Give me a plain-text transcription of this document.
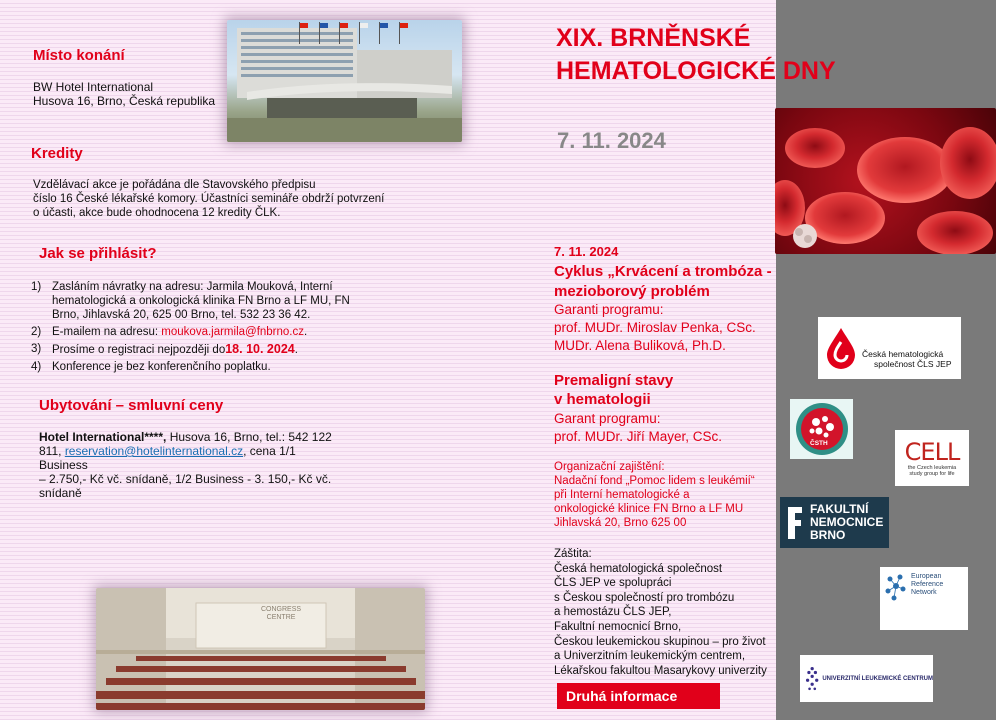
Místo konání
BW Hotel International
Husova 16, Brno, Česká republika
Kredity
Vzdělávací akce je pořádána dle Stavovského předpisu
číslo 16 České lékařské komory. Účastníci semináře obdrží potvrzení
o účasti, akce bude ohodnocena 12 kredity ČLK.
Jak se přihlásit?
1) Zasláním návratky na adresu: Jarmila Mouková, Interní
hematologická a onkologická klinika FN Brno a LF MU, FN
Brno, Jihlavská 20, 625 00 Brno, tel. 532 23 36 42.
2) E-mailem na adresu: moukova.jarmila@fnbrno.cz.
3) Prosíme o registraci nejpozději do18. 10. 2024.
4) Konference je bez konferenčního poplatku.
Ubytování – smluvní ceny
Hotel International****, Husova 16, Brno, tel.: 542 122
811, reservation@hotelinternational.cz, cena 1/1 Business
– 2.750,- Kč vč. snídaně, 1/2 Business - 3. 150,- Kč vč.
snídaně
CONGRESS
CENTRE
XIX. BRNĚNSKÉ
HEMATOLOGICKÉ DNY
7. 11. 2024
7. 11. 2024
Cyklus „Krvácení a trombóza -
mezioborový problém
Garanti programu:
prof. MUDr. Miroslav Penka, CSc.
MUDr. Alena Buliková, Ph.D.
Premaligní stavy
v hematologii
Garant programu:
prof. MUDr. Jiří Mayer, CSc.
Organizační zajištění:
Nadační fond „Pomoc lidem s leukémií“
při Interní hematologické a
onkologické klinice FN Brno a LF MU
Jihlavská 20, Brno 625 00
Záštita:
Česká hematologická společnost
ČLS JEP ve spolupráci
s Českou společností pro trombózu
a hemostázu ČLS JEP,
Fakultní nemocnicí Brno,
Českou leukemickou skupinou – pro život
a Univerzitním leukemickým centrem,
Lékařskou fakultou Masarykovy univerzity
Druhá informace
Česká hematologická
společnost ČLS JEP
ČSTH	CELL
the Czech leukemia
study group for life
FAKULTNÍ
NEMOCNICE
BRNO
European
Reference
Network
UNIVERZITNÍ LEUKEMICKÉ CENTRUM
